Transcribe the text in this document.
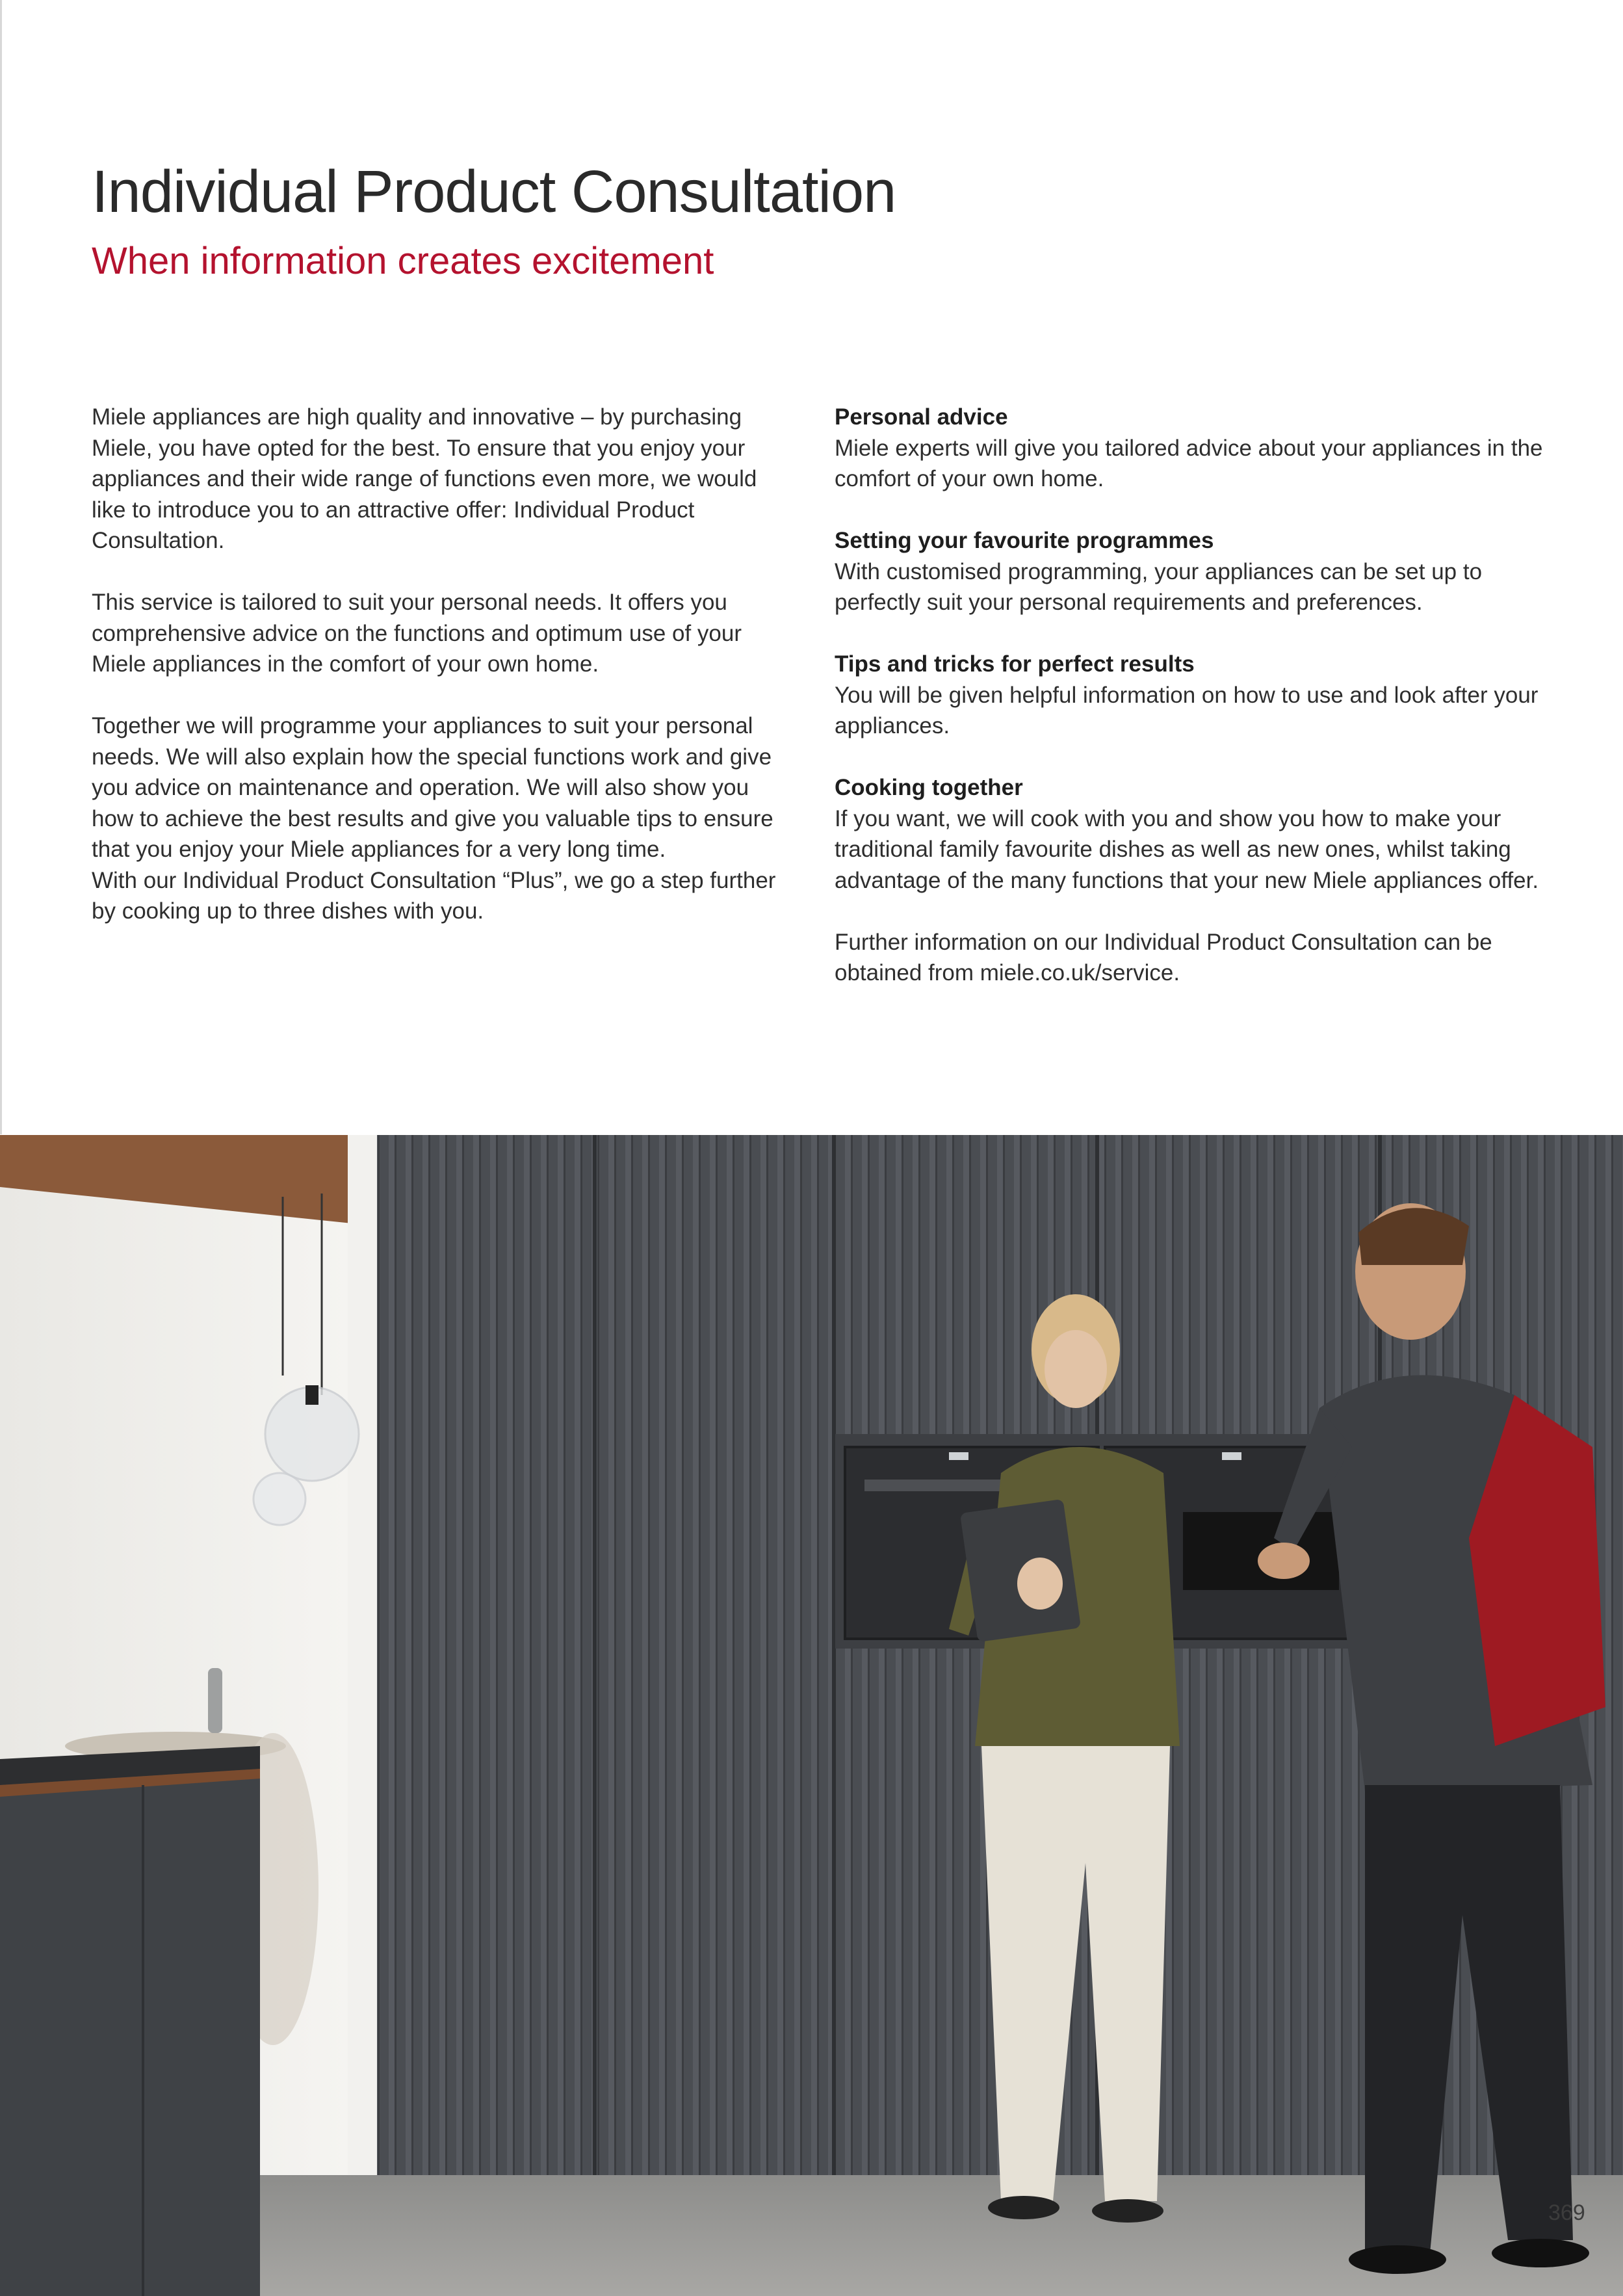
Individual Product Consultation
When information creates excitement

Miele appliances are high quality and innovative – by purchasing Miele, you have opted for the best. To ensure that you enjoy your appliances and their wide range of functions even more, we would like to introduce you to an attractive offer: Individual Product Consultation.

This service is tailored to suit your personal needs. It offers you comprehensive advice on the functions and optimum use of your Miele appliances in the comfort of your own home.

Together we will programme your appliances to suit your personal needs. We will also explain how the special functions work and give you advice on maintenance and operation. We will also show you how to achieve the best results and give you valuable tips to ensure that you enjoy your Miele appliances for a very long time.

With our Individual Product Consultation “Plus”, we go a step further by cooking up to three dishes with you.

Personal advice

Miele experts will give you tailored advice about your appliances in the comfort of your own home.

Setting your favourite programmes

With customised programming, your appliances can be set up to perfectly suit your personal requirements and preferences.

Tips and tricks for perfect results

You will be given helpful information on how to use and look after your appliances.

Cooking together

If you want, we will cook with you and show you how to make your traditional family favourite dishes as well as new ones, whilst taking advantage of the many functions that your new Miele appliances offer.

Further information on our Individual Product Consultation can be obtained from miele.co.uk/service.

369
